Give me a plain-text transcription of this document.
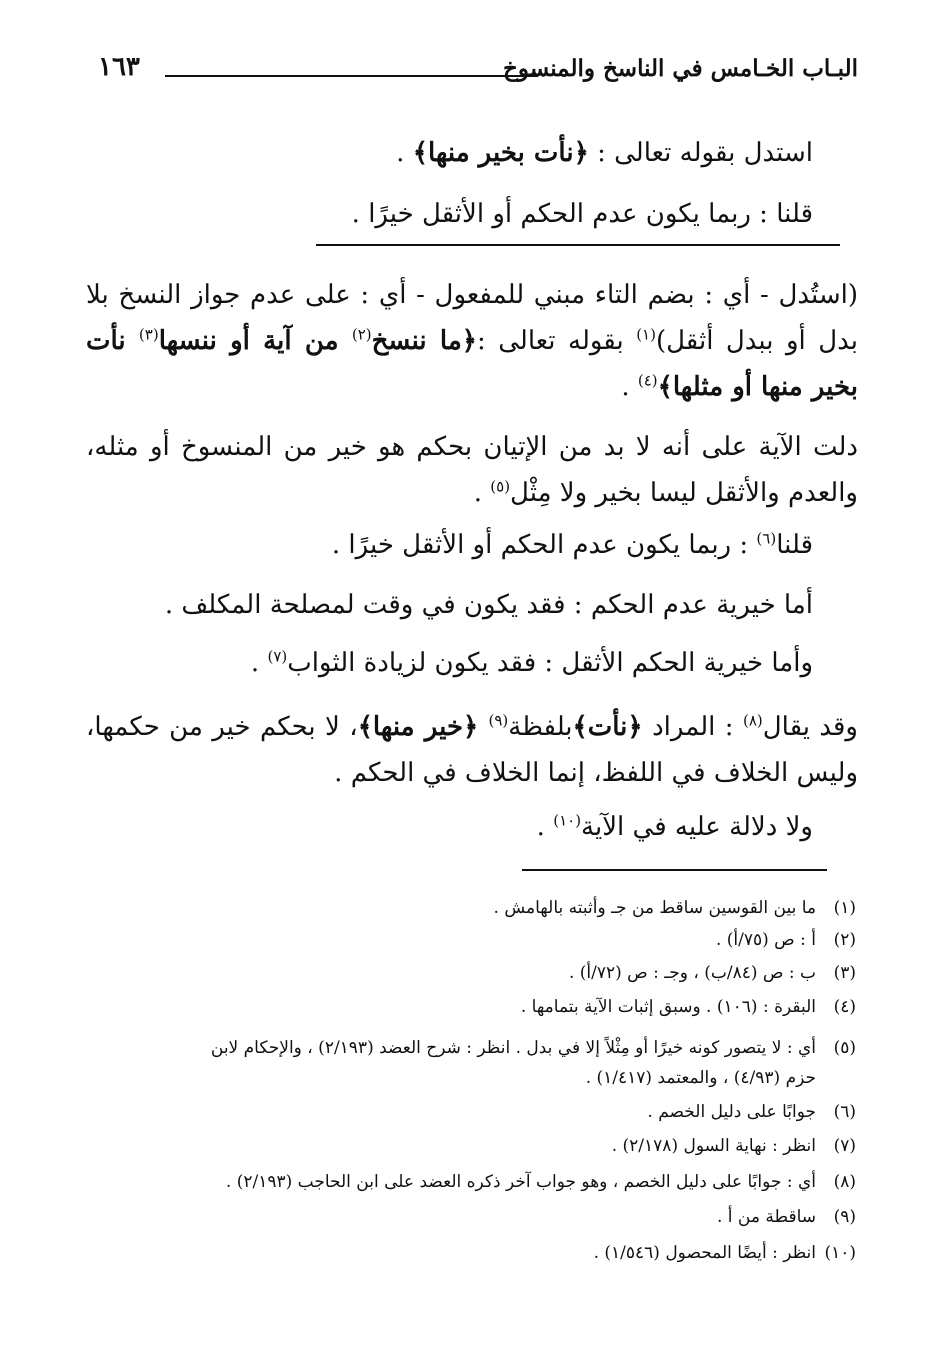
البـاب الخـامس في الناسخ والمنسوخ
١٦٣
استدل بقوله تعالى : ﴿نأت بخير منها﴾ .
قلنا : ربما يكون عدم الحكم أو الأثقل خيرًا .
(استُدل - أي : بضم التاء مبني للمفعول - أي : على عدم جواز النسخ بلا بدل أو ببدل أثقل)$^{(١)}$ بقوله تعالى :﴿ما ننسخ$^{(٢)}$ من آية أو ننسها$^{(٣)}$ نأت بخير منها أو مثلها﴾$^{(٤)}$ .
دلت الآية على أنه لا بد من الإتيان بحكم هو خير من المنسوخ أو مثله، والعدم والأثقل ليسا بخير ولا مِثْل$^{(٥)}$ .
قلنا$^{(٦)}$ : ربما يكون عدم الحكم أو الأثقل خيرًا .
أما خيرية عدم الحكم : فقد يكون في وقت لمصلحة المكلف .
وأما خيرية الحكم الأثقل : فقد يكون لزيادة الثواب$^{(٧)}$ .
وقد يقال$^{(٨)}$ : المراد ﴿نأت﴾بلفظة$^{(٩)}$ ﴿خير منها﴾، لا بحكم خير من حكمها، وليس الخلاف في اللفظ، إنما الخلاف في الحكم .
ولا دلالة عليه في الآية$^{(١٠)}$ .
(١)ما بين القوسين ساقط من جـ وأثبته بالهامش .
(٢)أ : ص (٧٥/أ) .
(٣)ب : ص (٨٤/ب) ، وجـ : ص (٧٢/أ) .
(٤)البقرة : (١٠٦) . وسبق إثبات الآية بتمامها .
(٥)أي : لا يتصور كونه خيرًا أو مِثْلاً إلا في بدل . انظر : شرح العضد (٢/١٩٣) ، والإحكام لابن
حزم (٤/٩٣) ، والمعتمد (١/٤١٧) .
(٦)جوابًا على دليل الخصم .
(٧)انظر : نهاية السول (٢/١٧٨) .
(٨)أي : جوابًا على دليل الخصم ، وهو جواب آخر ذكره العضد على ابن الحاجب (٢/١٩٣) .
(٩)ساقطة من أ .
(١٠)انظر : أيضًا المحصول (١/٥٤٦) .
